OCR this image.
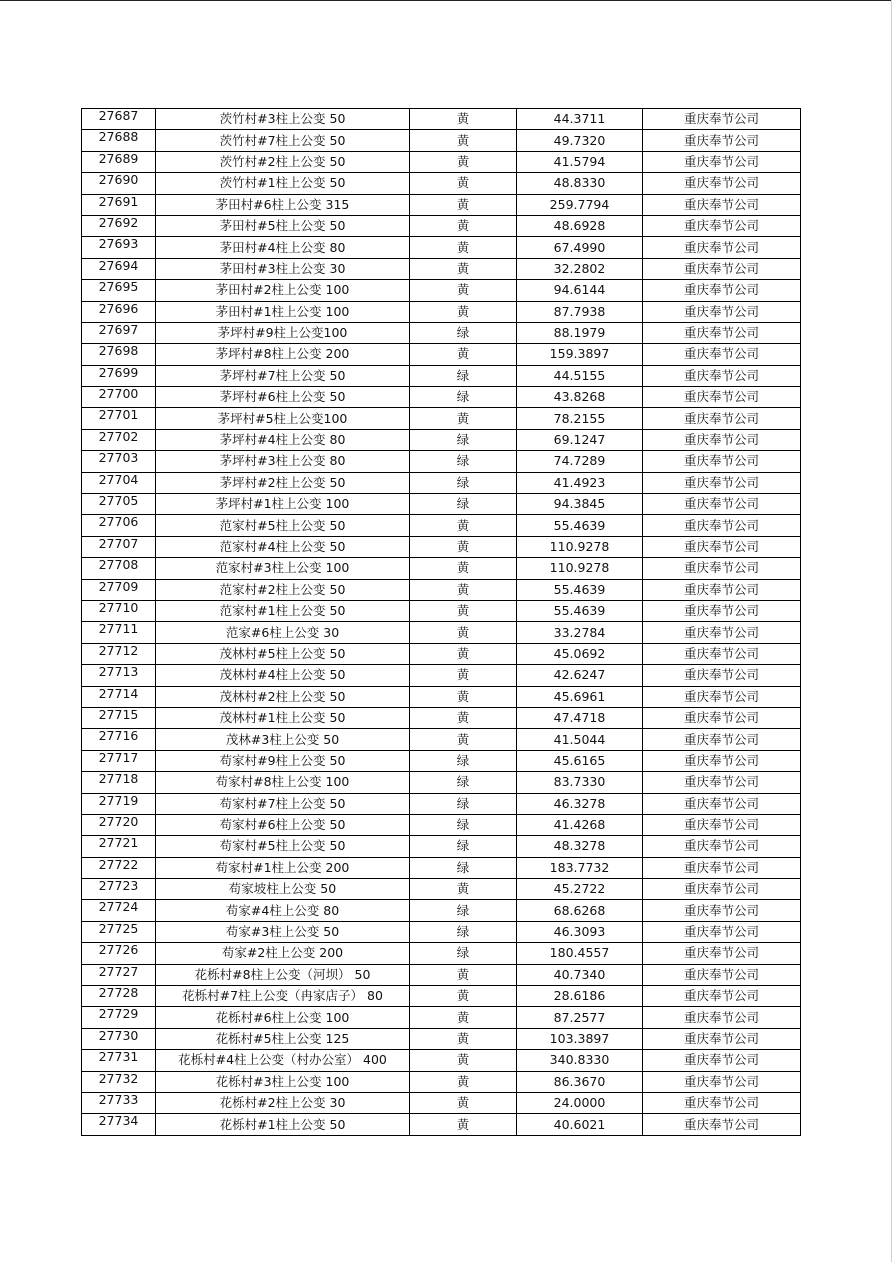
27687	茨竹村#3柱上公变 50	黄	44.3711	重庆奉节公司
27688	茨竹村#7柱上公变 50	黄	49.7320	重庆奉节公司
27689	茨竹村#2柱上公变 50	黄	41.5794	重庆奉节公司
27690	茨竹村#1柱上公变 50	黄	48.8330	重庆奉节公司
27691	茅田村#6柱上公变 315	黄	259.7794	重庆奉节公司
27692	茅田村#5柱上公变 50	黄	48.6928	重庆奉节公司
27693	茅田村#4柱上公变 80	黄	67.4990	重庆奉节公司
27694	茅田村#3柱上公变 30	黄	32.2802	重庆奉节公司
27695	茅田村#2柱上公变 100	黄	94.6144	重庆奉节公司
27696	茅田村#1柱上公变 100	黄	87.7938	重庆奉节公司
27697	茅坪村#9柱上公变100	绿	88.1979	重庆奉节公司
27698	茅坪村#8柱上公变 200	黄	159.3897	重庆奉节公司
27699	茅坪村#7柱上公变 50	绿	44.5155	重庆奉节公司
27700	茅坪村#6柱上公变 50	绿	43.8268	重庆奉节公司
27701	茅坪村#5柱上公变100	黄	78.2155	重庆奉节公司
27702	茅坪村#4柱上公变 80	绿	69.1247	重庆奉节公司
27703	茅坪村#3柱上公变 80	绿	74.7289	重庆奉节公司
27704	茅坪村#2柱上公变 50	绿	41.4923	重庆奉节公司
27705	茅坪村#1柱上公变 100	绿	94.3845	重庆奉节公司
27706	范家村#5柱上公变 50	黄	55.4639	重庆奉节公司
27707	范家村#4柱上公变 50	黄	110.9278	重庆奉节公司
27708	范家村#3柱上公变 100	黄	110.9278	重庆奉节公司
27709	范家村#2柱上公变 50	黄	55.4639	重庆奉节公司
27710	范家村#1柱上公变 50	黄	55.4639	重庆奉节公司
27711	范家#6柱上公变 30	黄	33.2784	重庆奉节公司
27712	茂林村#5柱上公变 50	黄	45.0692	重庆奉节公司
27713	茂林村#4柱上公变 50	黄	42.6247	重庆奉节公司
27714	茂林村#2柱上公变 50	黄	45.6961	重庆奉节公司
27715	茂林村#1柱上公变 50	黄	47.4718	重庆奉节公司
27716	茂林#3柱上公变 50	黄	41.5044	重庆奉节公司
27717	苟家村#9柱上公变 50	绿	45.6165	重庆奉节公司
27718	苟家村#8柱上公变 100	绿	83.7330	重庆奉节公司
27719	苟家村#7柱上公变 50	绿	46.3278	重庆奉节公司
27720	苟家村#6柱上公变 50	绿	41.4268	重庆奉节公司
27721	苟家村#5柱上公变 50	绿	48.3278	重庆奉节公司
27722	苟家村#1柱上公变 200	绿	183.7732	重庆奉节公司
27723	苟家坡柱上公变 50	黄	45.2722	重庆奉节公司
27724	苟家#4柱上公变 80	绿	68.6268	重庆奉节公司
27725	苟家#3柱上公变 50	绿	46.3093	重庆奉节公司
27726	苟家#2柱上公变 200	绿	180.4557	重庆奉节公司
27727	花栎村#8柱上公变（河坝） 50	黄	40.7340	重庆奉节公司
27728	花栎村#7柱上公变（冉家店子） 80	黄	28.6186	重庆奉节公司
27729	花栎村#6柱上公变 100	黄	87.2577	重庆奉节公司
27730	花栎村#5柱上公变 125	黄	103.3897	重庆奉节公司
27731	花栎村#4柱上公变（村办公室） 400	黄	340.8330	重庆奉节公司
27732	花栎村#3柱上公变 100	黄	86.3670	重庆奉节公司
27733	花栎村#2柱上公变 30	黄	24.0000	重庆奉节公司
27734	花栎村#1柱上公变 50	黄	40.6021	重庆奉节公司
